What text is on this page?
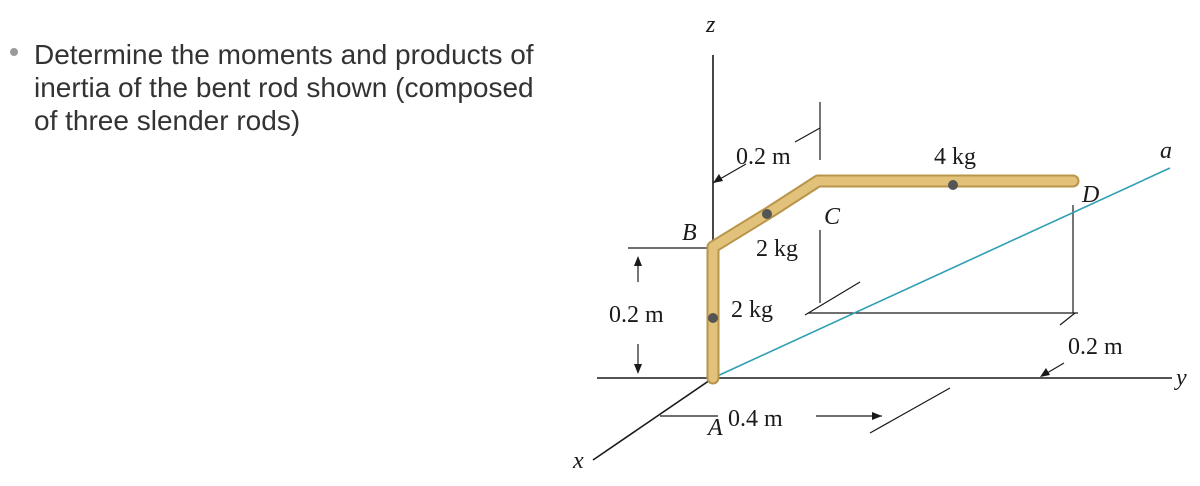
Determine the moments and products of
inertia of the bent rod shown (composed
of three slender rods)
z
y
x
B
C
D
a
A
2 kg
2 kg
4 kg
0.2 m
0.2 m
0.4 m
0.2 m
